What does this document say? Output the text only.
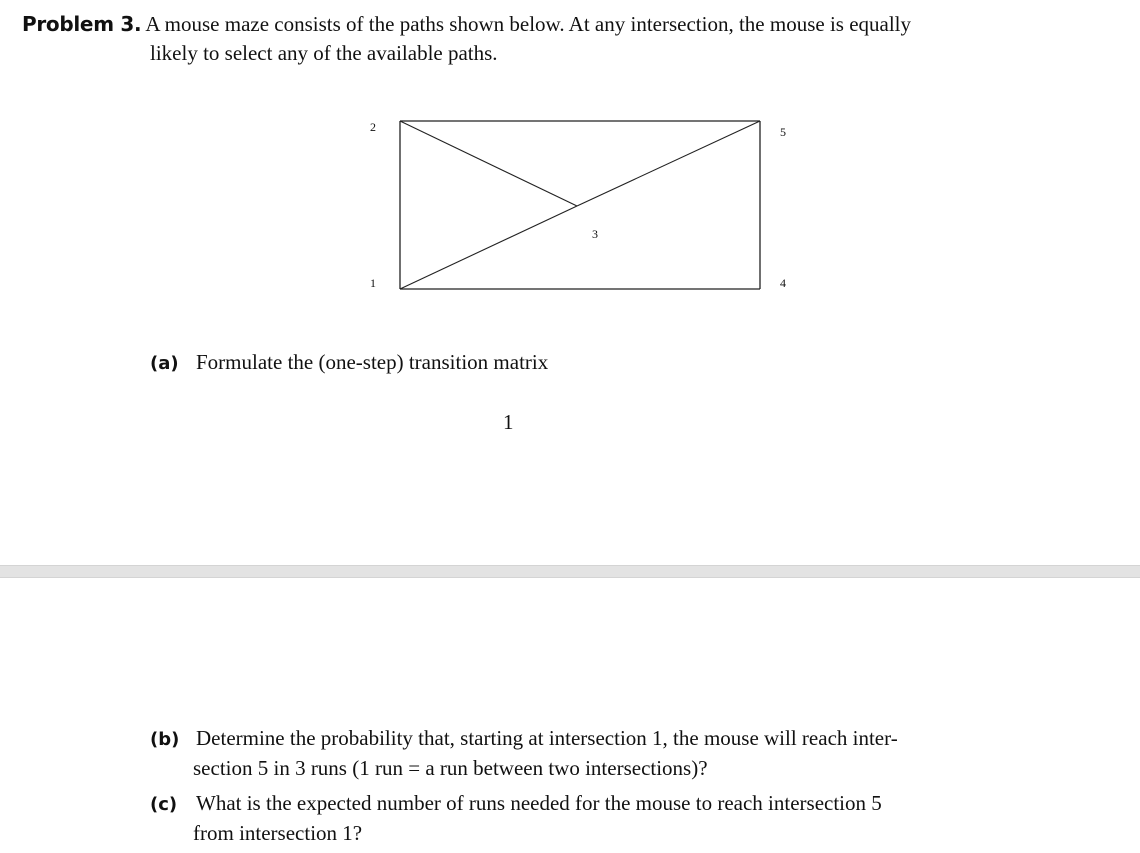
Problem 3. A mouse maze consists of the paths shown below. At any intersection, the mouse is equally
likely to select any of the available paths.
2	5
3
1	4
(a) Formulate the (one-step) transition matrix
1
(b) Determine the probability that, starting at intersection 1, the mouse will reach inter-
section 5 in 3 runs (1 run = a run between two intersections)?
(c) What is the expected number of runs needed for the mouse to reach intersection 5
from intersection 1?
